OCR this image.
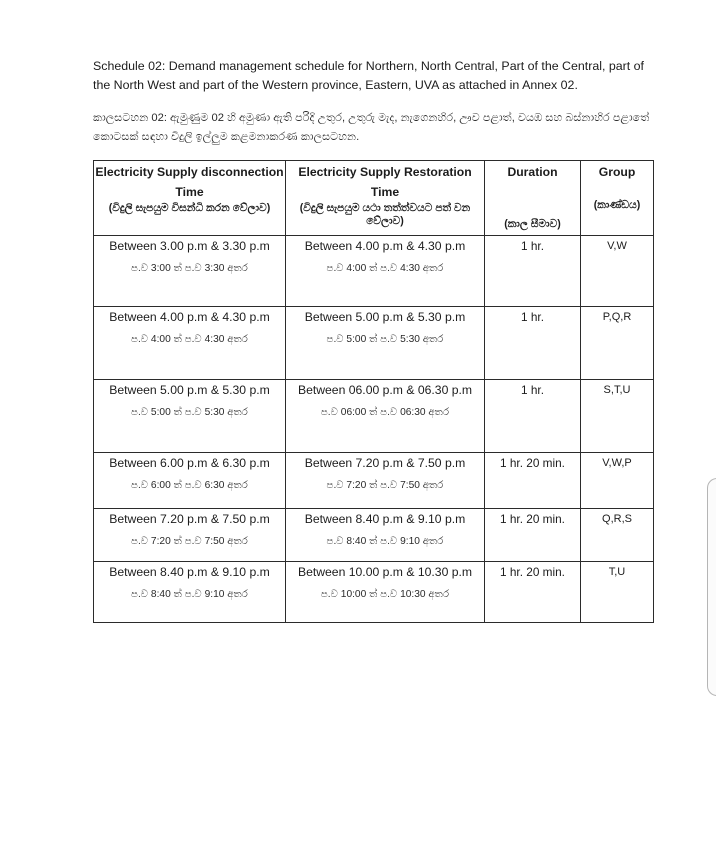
Schedule 02: Demand management schedule for Northern, North Central, Part of the Central, part of the North West and part of the Western province, Eastern, UVA as attached in Annex 02.
කාලසටහන 02: ඇමුණුම 02 හි අමුණා ඇති පරිදි උතුර, උතුරු මැද, නැගෙනහිර, ඌව පළාත්, වයඹ සහ බස්නාහිර පළාතේ කොටසක් සඳහා විදුලි ඉල්ලුම කළමනාකරණ කාලසටහන.
Electricity Supply disconnection Time
(විදුලි සැපයුම විසන්ධි කරන වේලාව)	Electricity Supply Restoration Time
(විදුලි සැපයුම යථා තත්ත්වයට පත් වන වේලාව)	Duration
(කාල සීමාව)	Group
(කාණ්ඩය)

Between 3.00 p.m & 3.30 p.m
ප.ව 3:00 ත් ප.ව 3:30 අතර	Between 4.00 p.m & 4.30 p.m
ප.ව 4:00 ත් ප.ව 4:30 අතර	1 hr.	V,W

Between 4.00 p.m & 4.30 p.m
ප.ව 4:00 ත් ප.ව 4:30 අතර	Between 5.00 p.m & 5.30 p.m
ප.ව 5:00 ත් ප.ව 5:30 අතර	1 hr.	P,Q,R

Between 5.00 p.m & 5.30 p.m
ප.ව 5:00 ත් ප.ව 5:30 අතර	Between 06.00 p.m & 06.30 p.m
ප.ව 06:00 ත් ප.ව 06:30 අතර	1 hr.	S,T,U

Between 6.00 p.m & 6.30 p.m
ප.ව 6:00 ත් ප.ව 6:30 අතර	Between 7.20 p.m & 7.50 p.m
ප.ව 7:20 ත් ප.ව 7:50 අතර	1 hr. 20 min.	V,W,P

Between 7.20 p.m & 7.50 p.m
ප.ව 7:20 ත් ප.ව 7:50 අතර	Between 8.40 p.m & 9.10 p.m
ප.ව 8:40 ත් ප.ව 9:10 අතර	1 hr. 20 min.	Q,R,S

Between 8.40 p.m & 9.10 p.m
ප.ව 8:40 ත් ප.ව 9:10 අතර	Between 10.00 p.m & 10.30 p.m
ප.ව 10:00 ත් ප.ව 10:30 අතර	1 hr. 20 min.	T,U
